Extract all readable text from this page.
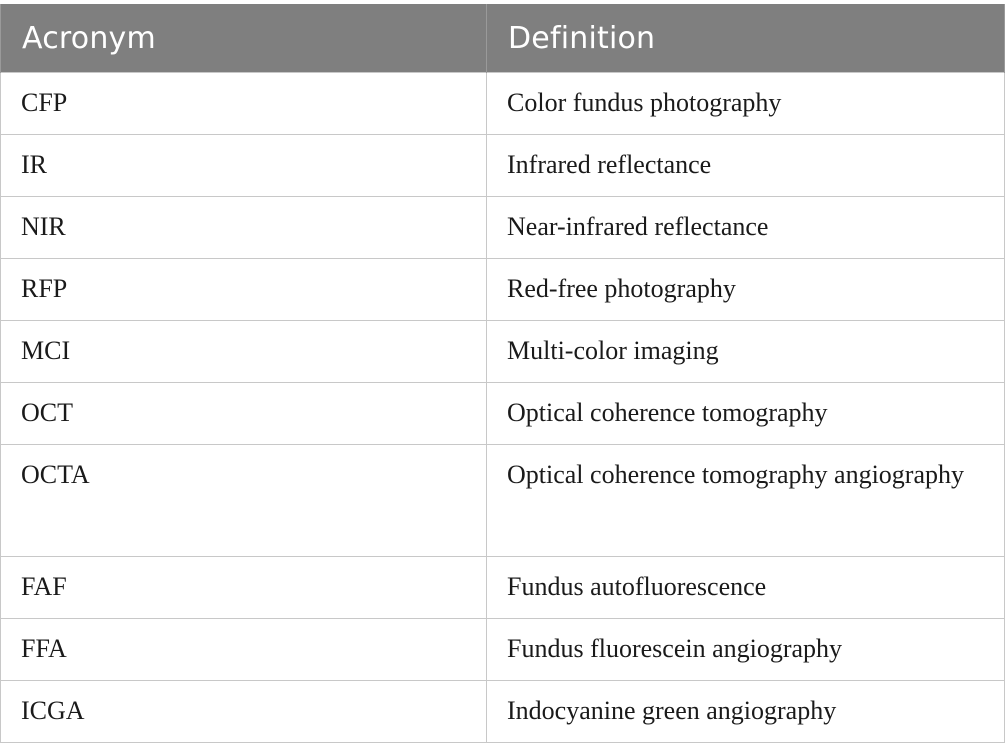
Acronym	Definition

CFP	Color fundus photography

IR	Infrared reflectance

NIR	Near-infrared reflectance

RFP	Red-free photography

MCI	Multi-color imaging

OCT	Optical coherence tomography

OCTA	Optical coherence tomography angiography

FAF	Fundus autofluorescence

FFA	Fundus fluorescein angiography

ICGA	Indocyanine green angiography
